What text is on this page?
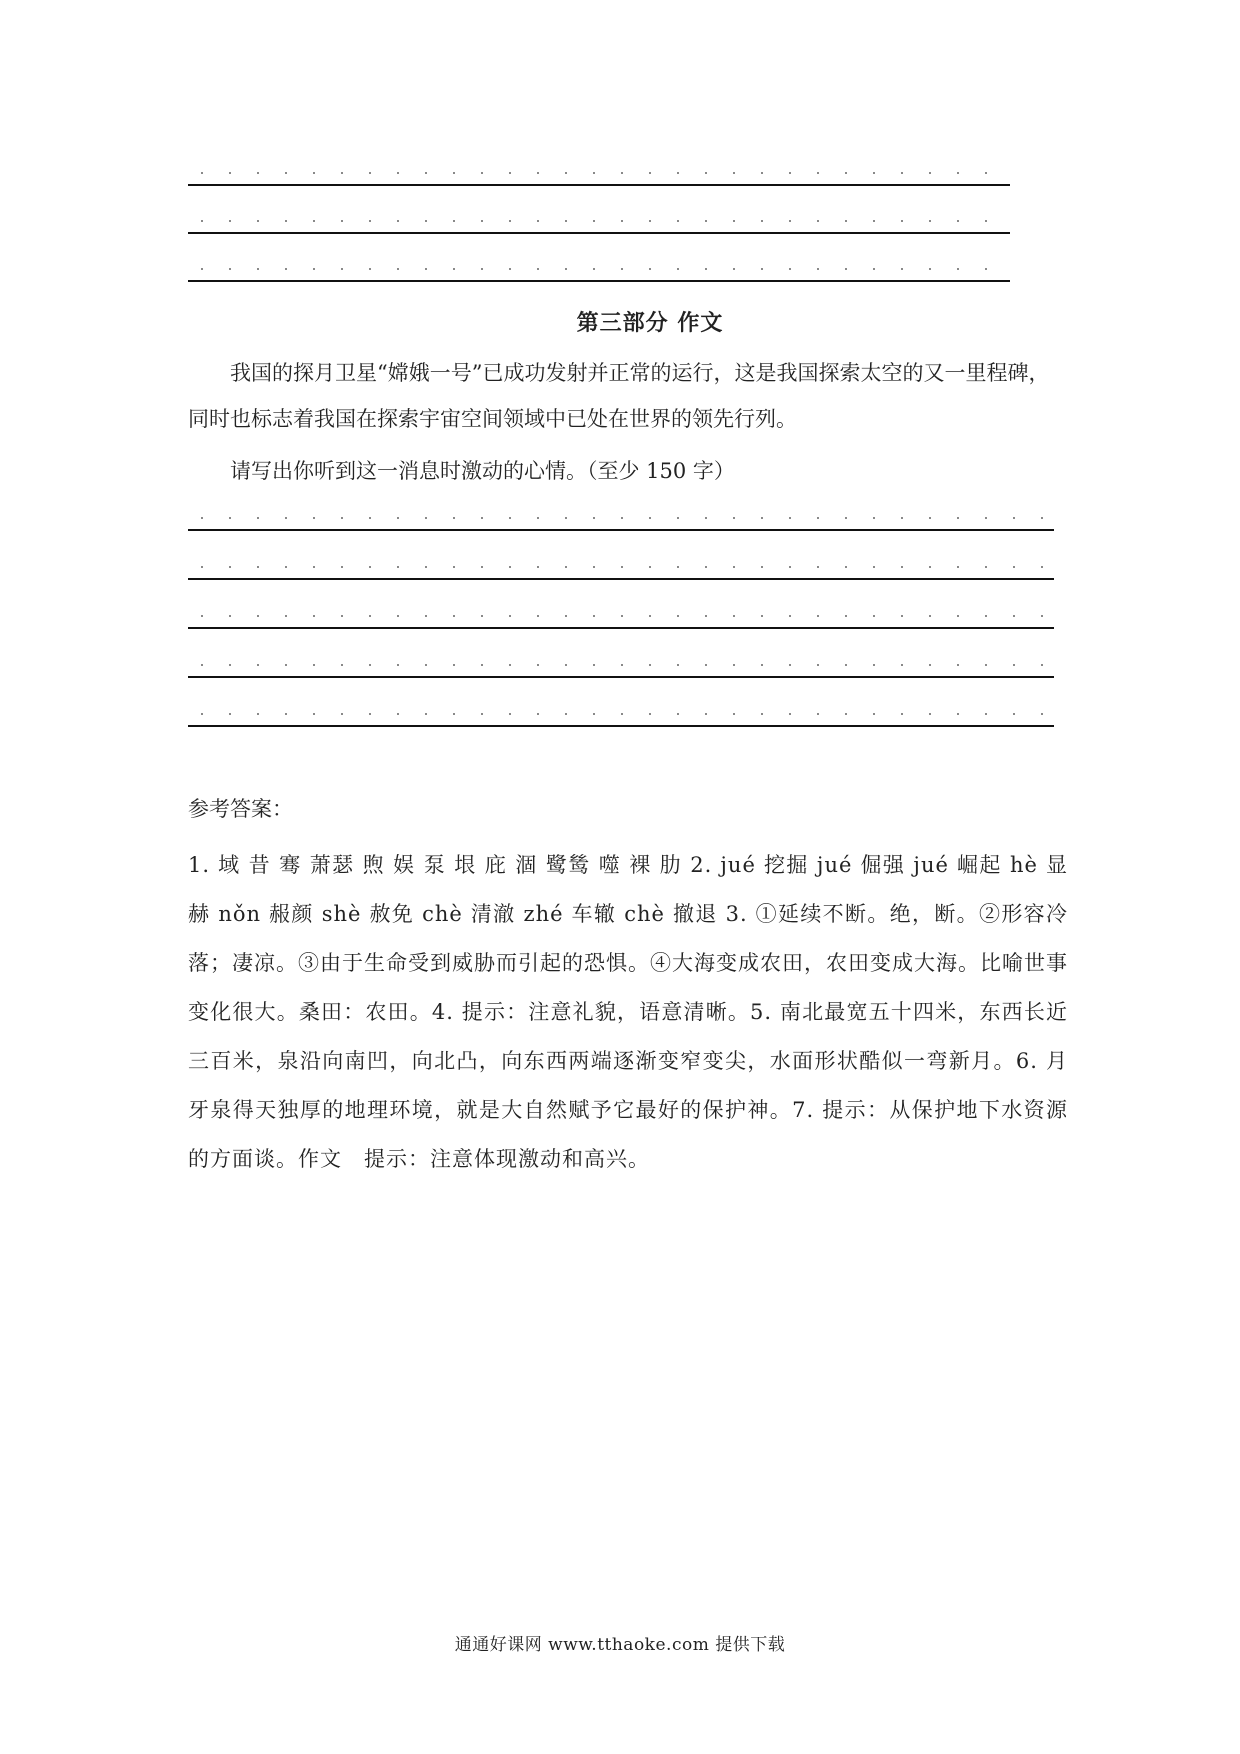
第三部分 作文

我国的探月卫星“嫦娥一号”已成功发射并正常的运行，这是我国探索太空的又一里程碑，同时也标志着我国在探索宇宙空间领域中已处在世界的领先行列。

请写出你听到这一消息时激动的心情。（至少 150 字）

参考答案：

1. 域 昔 骞 萧瑟 煦 娱 泵 垠 庇 涸 鹭鸶 噬 裸 肋 2. jué 挖掘 jué 倔强 jué 崛起 hè 显赫 nǒn 赧颜 shè 赦免 chè 清澈 zhé 车辙 chè 撤退 3. ①延续不断。绝，断。②形容冷落；凄凉。③由于生命受到威胁而引起的恐惧。④大海变成农田，农田变成大海。比喻世事变化很大。桑田：农田。4. 提示：注意礼貌，语意清晰。5. 南北最宽五十四米，东西长近三百米，泉沿向南凹，向北凸，向东西两端逐渐变窄变尖，水面形状酷似一弯新月。6. 月牙泉得天独厚的地理环境，就是大自然赋予它最好的保护神。7. 提示：从保护地下水资源的方面谈。作文　提示：注意体现激动和高兴。

通通好课网 www.tthaoke.com 提供下载
